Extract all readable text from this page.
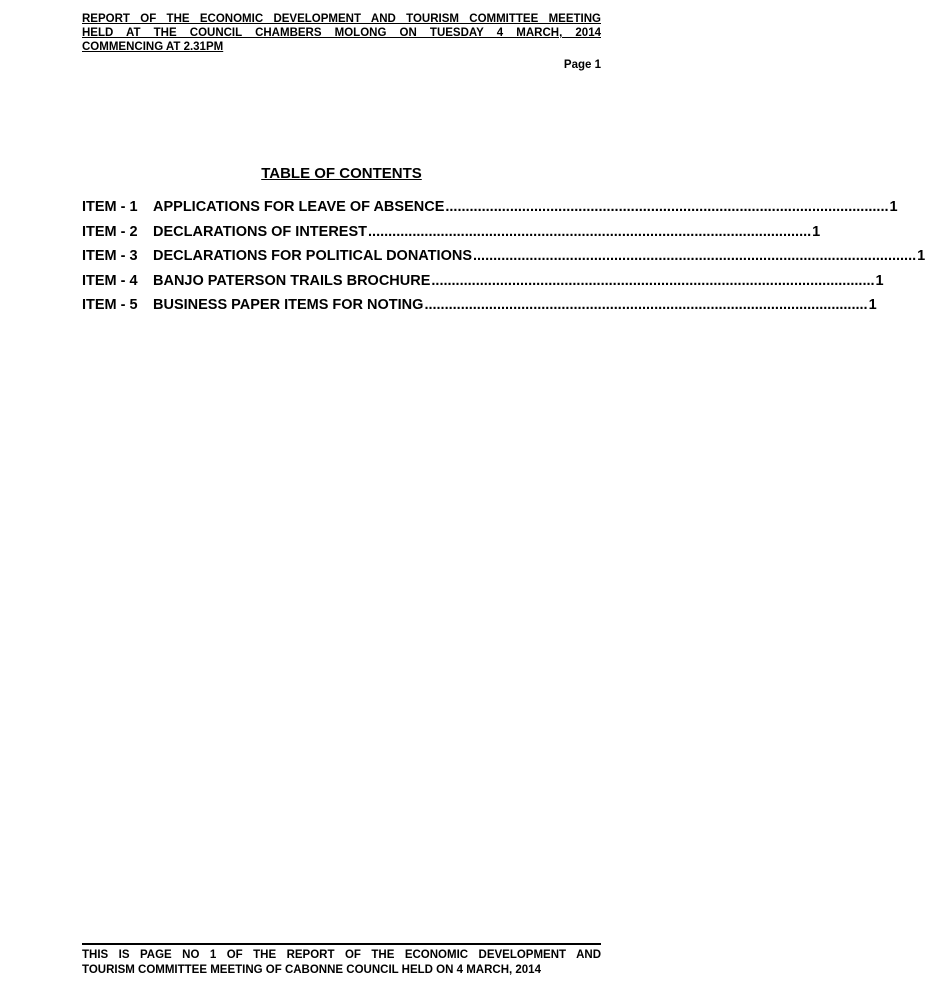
REPORT OF THE ECONOMIC DEVELOPMENT AND TOURISM COMMITTEE MEETING
HELD AT THE COUNCIL CHAMBERS MOLONG ON TUESDAY 4 MARCH, 2014
COMMENCING AT 2.31PM
Page 1
TABLE OF CONTENTS
ITEM - 1	APPLICATIONS FOR LEAVE OF ABSENCE .............................................................................................................. 1
ITEM - 2	DECLARATIONS OF INTEREST .............................................................................................................. 1
ITEM - 3	DECLARATIONS FOR POLITICAL DONATIONS .............................................................................................................. 1
ITEM - 4	BANJO PATERSON TRAILS BROCHURE .............................................................................................................. 1
ITEM - 5	BUSINESS PAPER ITEMS FOR NOTING .............................................................................................................. 1
THIS IS PAGE NO 1 OF THE REPORT OF THE ECONOMIC DEVELOPMENT AND
TOURISM COMMITTEE MEETING OF CABONNE COUNCIL HELD ON 4 MARCH, 2014
